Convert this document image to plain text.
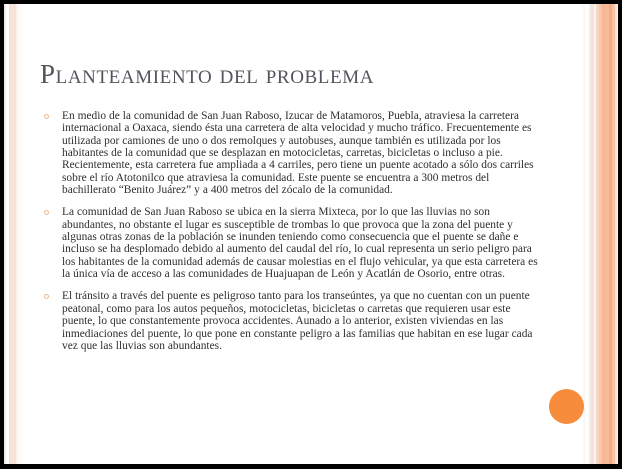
Planteamiento del problema
En medio de la comunidad de San Juan Raboso, Izucar de Matamoros, Puebla, atraviesa la carretera internacional a Oaxaca, siendo ésta una carretera de alta velocidad y mucho tráfico. Frecuentemente es utilizada por camiones de uno o dos remolques y autobuses, aunque también es utilizada por los habitantes de la comunidad que se desplazan en motocicletas, carretas, bicicletas o incluso a pie. Recientemente, esta carretera fue ampliada a 4 carriles, pero tiene un puente acotado a sólo dos carriles sobre el río Atotonilco que atraviesa la comunidad. Este puente se encuentra a 300 metros del bachillerato “Benito Juárez” y a 400 metros del zócalo de la comunidad.
La comunidad de San Juan Raboso se ubica en la sierra Mixteca, por lo que las lluvias no son abundantes, no obstante el lugar es susceptible de trombas lo que provoca que la zona del puente y algunas otras zonas de la población se inunden teniendo como consecuencia que el puente se dañe e incluso se ha desplomado debido al aumento del caudal del río, lo cual representa un serio peligro para los habitantes de la comunidad además de causar molestias en el flujo vehicular, ya que esta carretera es la única vía de acceso a las comunidades de Huajuapan de León y Acatlán de Osorio, entre otras.
El tránsito a través del puente es peligroso tanto para los transeúntes, ya que no cuentan con un puente peatonal, como para los autos pequeños, motocicletas, bicicletas o carretas que requieren usar este puente, lo que constantemente provoca accidentes. Aunado a lo anterior, existen viviendas en las inmediaciones del puente, lo que pone en constante peligro a las familias que habitan en ese lugar cada vez que las lluvias son abundantes.
